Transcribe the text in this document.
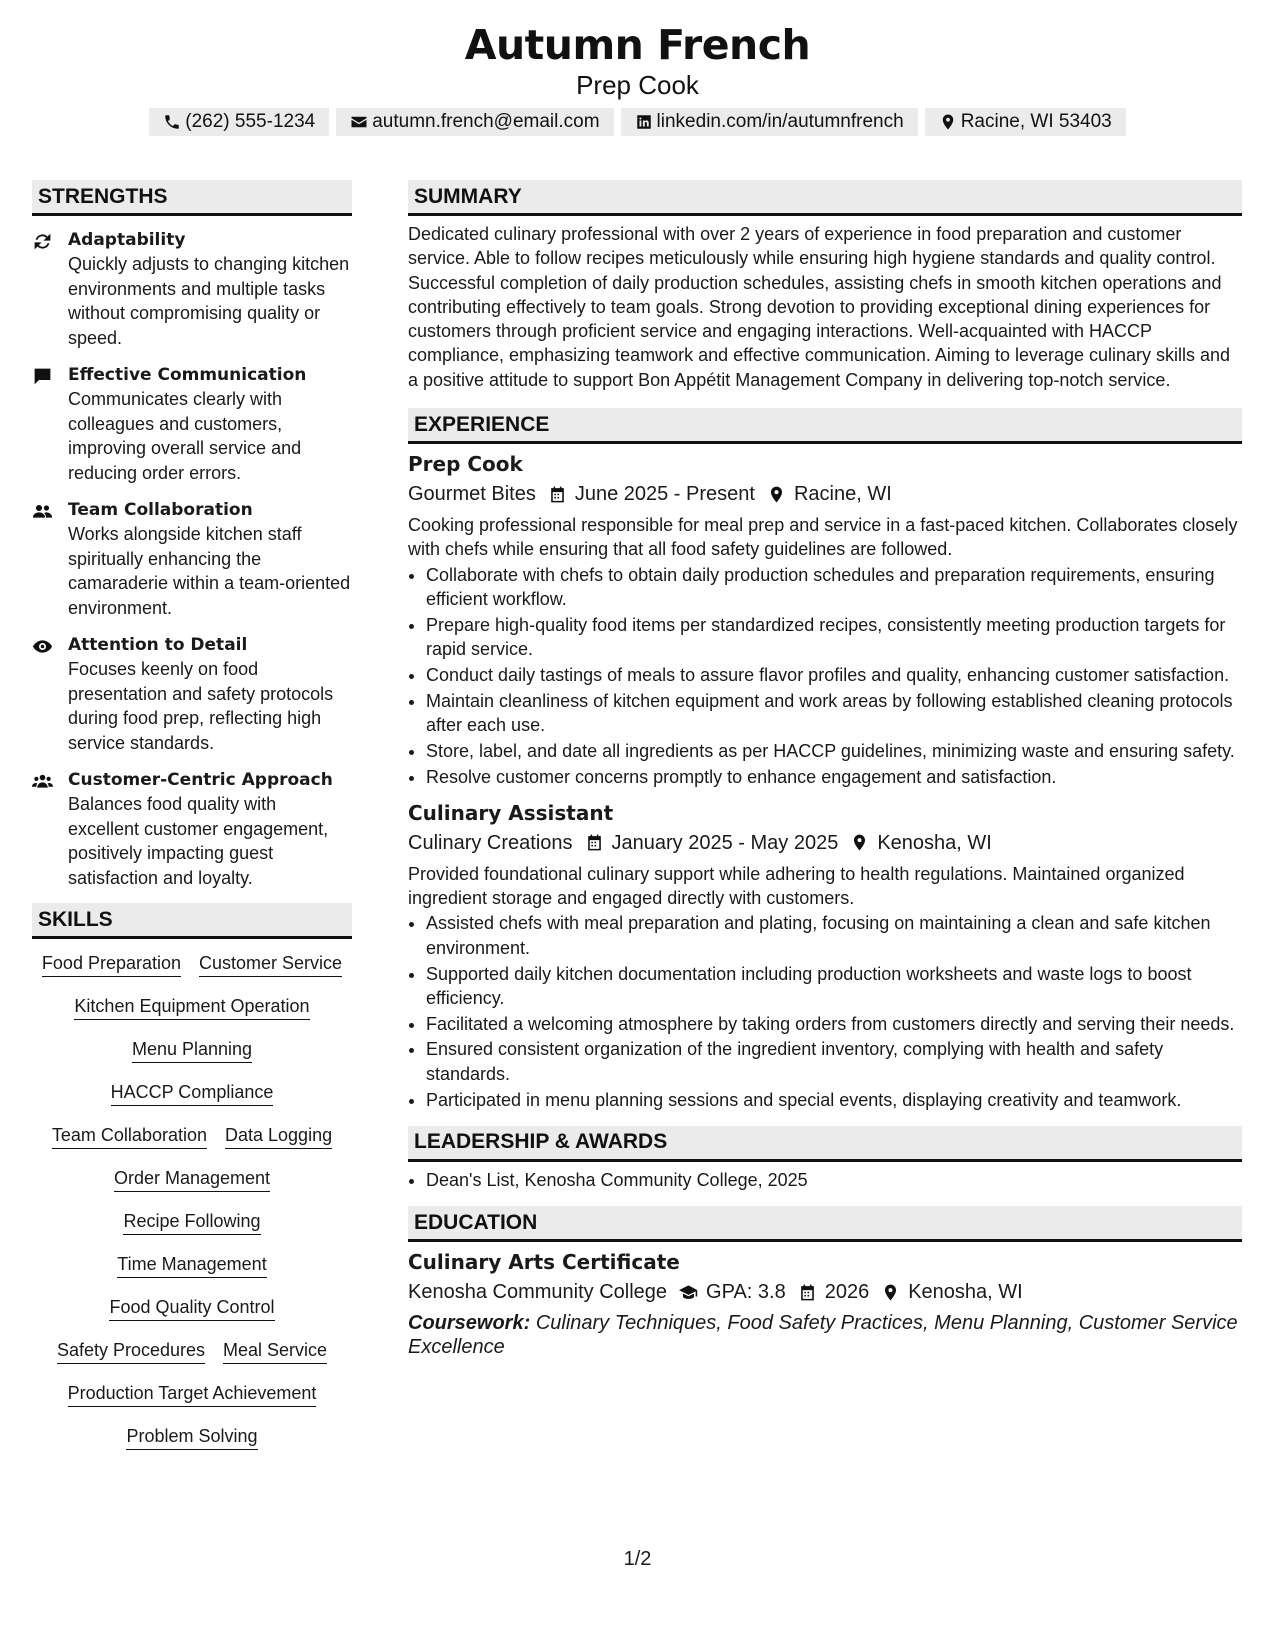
Autumn French
Prep Cook
(262) 555-1234	autumn.french@email.com	linkedin.com/in/autumnfrench	Racine, WI 53403
STRENGTHS
Adaptability
Quickly adjusts to changing kitchen environments and multiple tasks without compromising quality or speed.
Effective Communication
Communicates clearly with colleagues and customers, improving overall service and reducing order errors.
Team Collaboration
Works alongside kitchen staff spiritually enhancing the camaraderie within a team-oriented environment.
Attention to Detail
Focuses keenly on food presentation and safety protocols during food prep, reflecting high service standards.
Customer-Centric Approach
Balances food quality with excellent customer engagement, positively impacting guest satisfaction and loyalty.
SKILLS
Food Preparation Customer Service
Kitchen Equipment Operation
Menu Planning
HACCP Compliance
Team Collaboration Data Logging
Order Management
Recipe Following
Time Management
Food Quality Control
Safety Procedures Meal Service
Production Target Achievement
Problem Solving
SUMMARY
Dedicated culinary professional with over 2 years of experience in food preparation and customer service. Able to follow recipes meticulously while ensuring high hygiene standards and quality control. Successful completion of daily production schedules, assisting chefs in smooth kitchen operations and contributing effectively to team goals. Strong devotion to providing exceptional dining experiences for customers through proficient service and engaging interactions. Well-acquainted with HACCP compliance, emphasizing teamwork and effective communication. Aiming to leverage culinary skills and a positive attitude to support Bon Appétit Management Company in delivering top-notch service.
EXPERIENCE
Prep Cook
Gourmet Bites June 2025 - Present Racine, WI
Cooking professional responsible for meal prep and service in a fast-paced kitchen. Collaborates closely with chefs while ensuring that all food safety guidelines are followed.
• Collaborate with chefs to obtain daily production schedules and preparation requirements, ensuring efficient workflow.
• Prepare high-quality food items per standardized recipes, consistently meeting production targets for rapid service.
• Conduct daily tastings of meals to assure flavor profiles and quality, enhancing customer satisfaction.
• Maintain cleanliness of kitchen equipment and work areas by following established cleaning protocols after each use.
• Store, label, and date all ingredients as per HACCP guidelines, minimizing waste and ensuring safety.
• Resolve customer concerns promptly to enhance engagement and satisfaction.
Culinary Assistant
Culinary Creations January 2025 - May 2025 Kenosha, WI
Provided foundational culinary support while adhering to health regulations. Maintained organized ingredient storage and engaged directly with customers.
• Assisted chefs with meal preparation and plating, focusing on maintaining a clean and safe kitchen environment.
• Supported daily kitchen documentation including production worksheets and waste logs to boost efficiency.
• Facilitated a welcoming atmosphere by taking orders from customers directly and serving their needs.
• Ensured consistent organization of the ingredient inventory, complying with health and safety standards.
• Participated in menu planning sessions and special events, displaying creativity and teamwork.
LEADERSHIP & AWARDS
• Dean's List, Kenosha Community College, 2025
EDUCATION
Culinary Arts Certificate
Kenosha Community College GPA: 3.8 2026 Kenosha, WI
Coursework: Culinary Techniques, Food Safety Practices, Menu Planning, Customer Service Excellence
1/2
